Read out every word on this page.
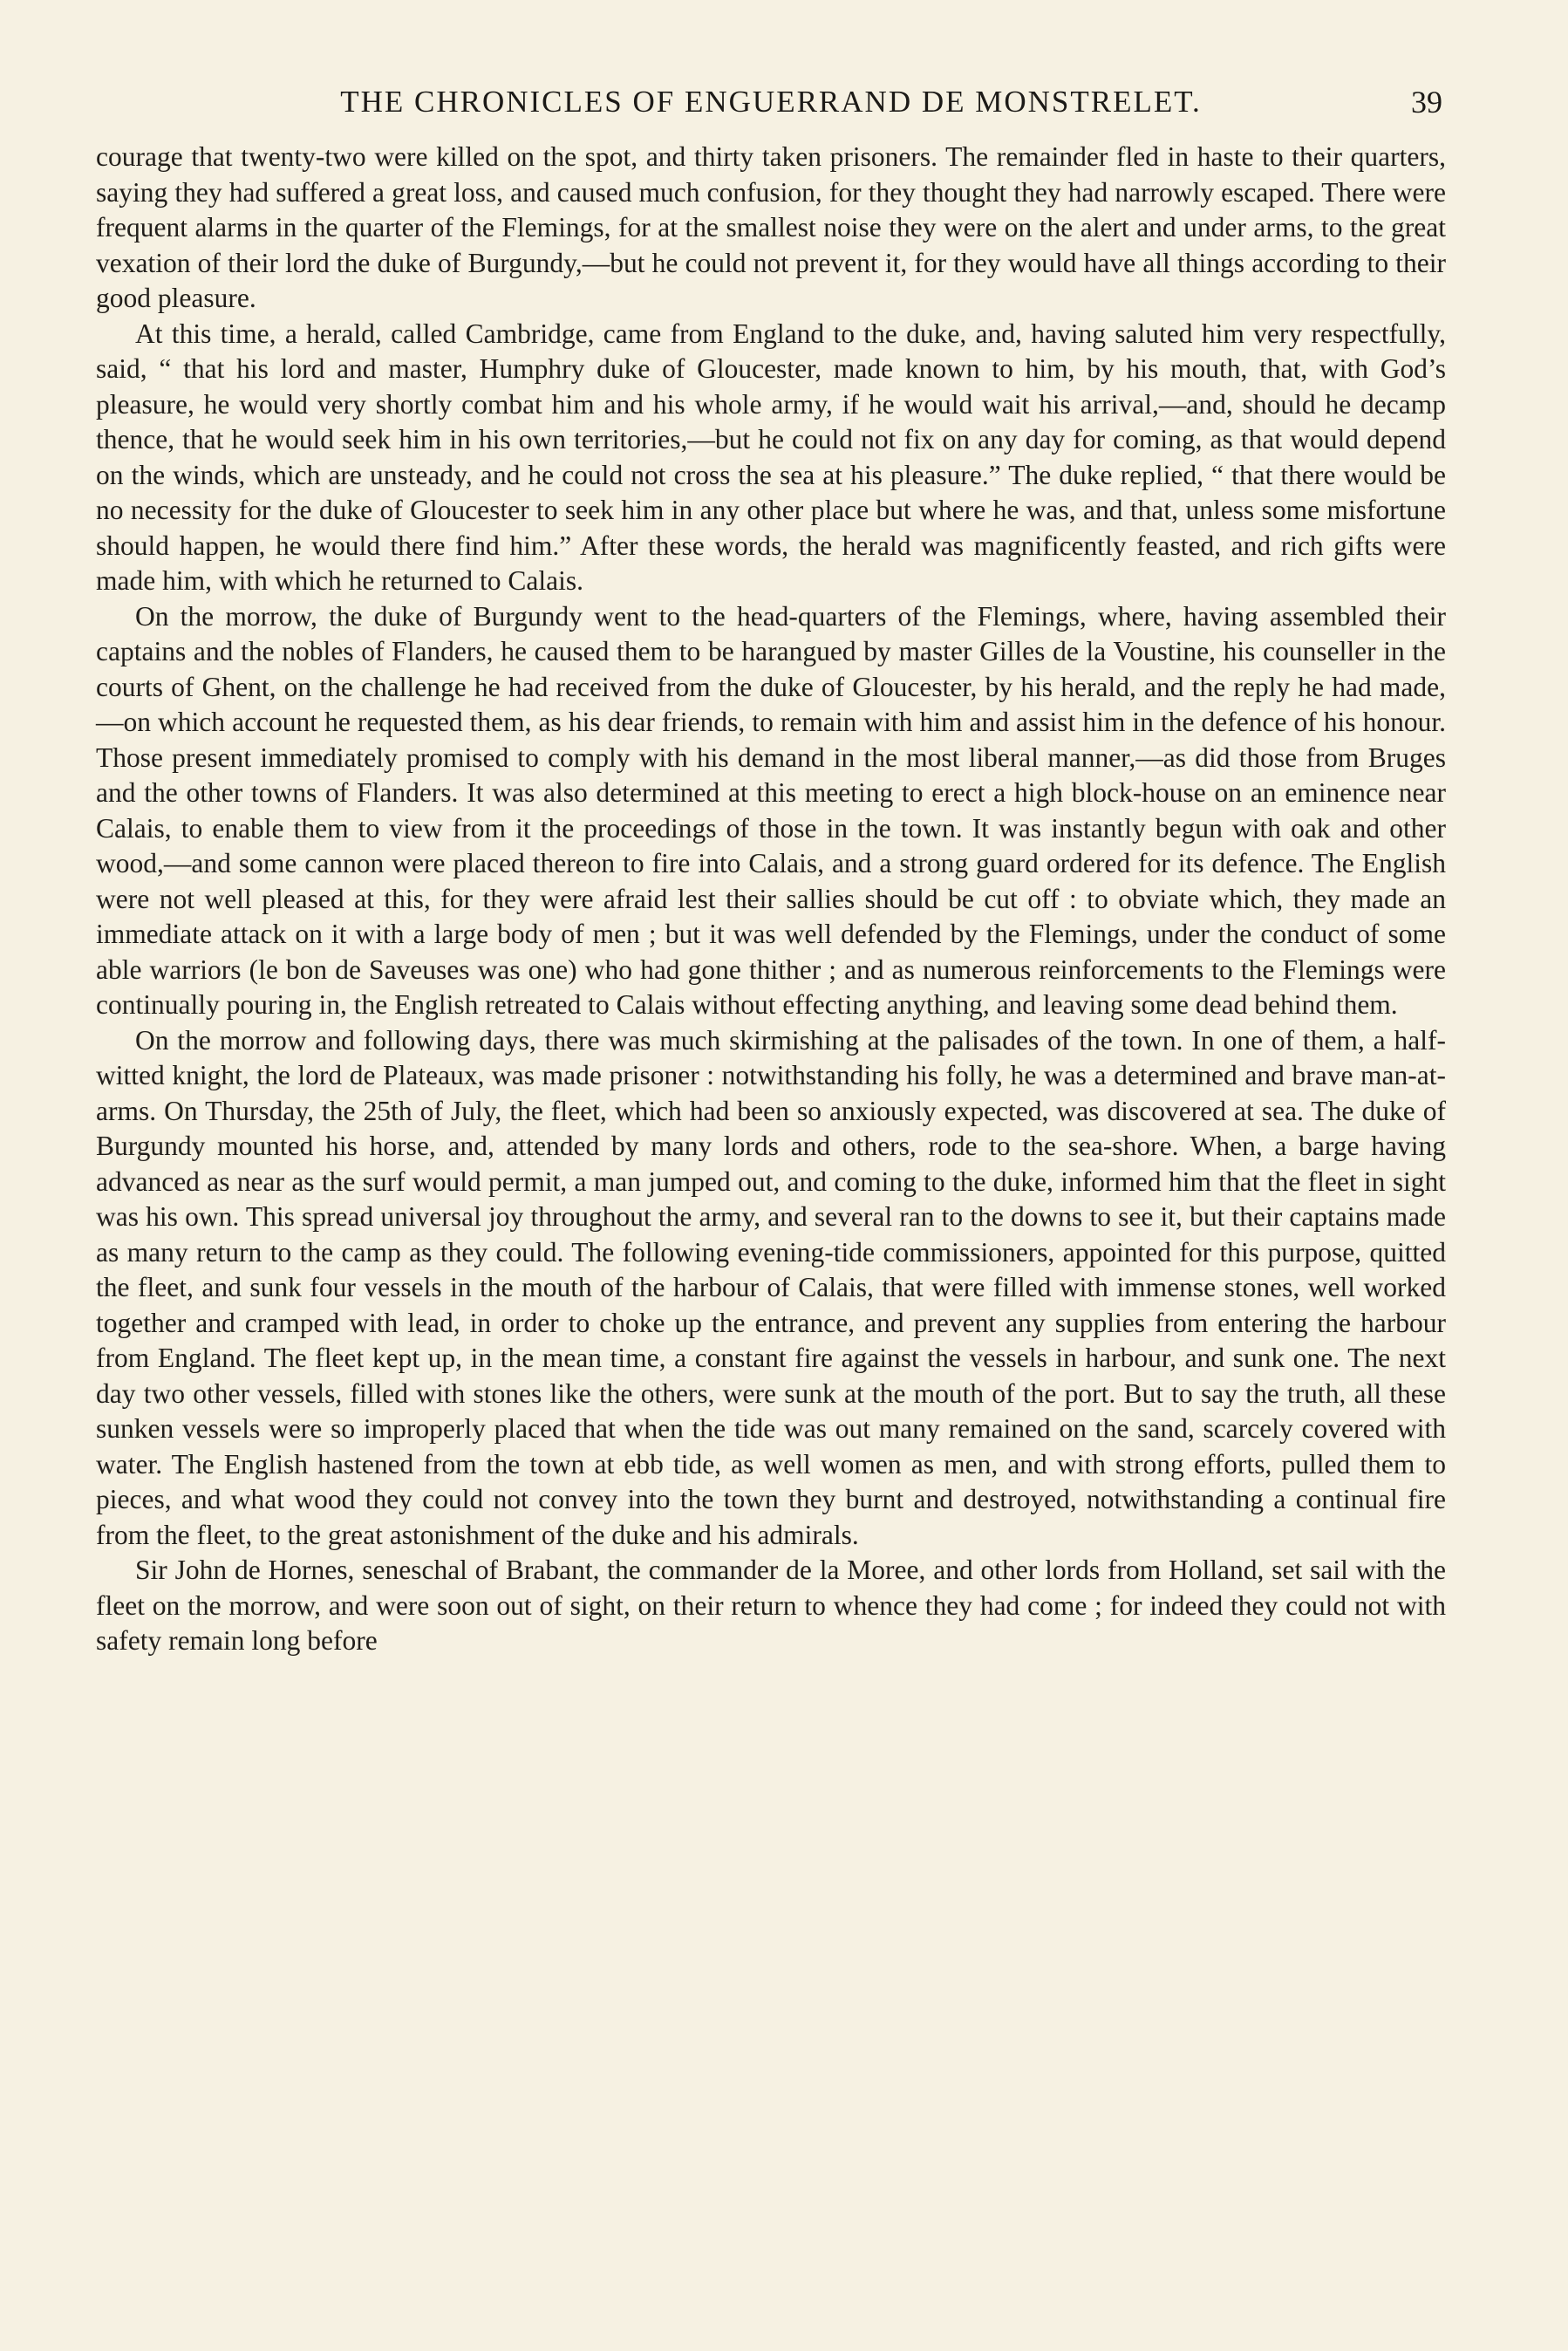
THE CHRONICLES OF ENGUERRAND DE MONSTRELET.	39

courage that twenty-two were killed on the spot, and thirty taken prisoners. The remainder fled in haste to their quarters, saying they had suffered a great loss, and caused much confusion, for they thought they had narrowly escaped. There were frequent alarms in the quarter of the Flemings, for at the smallest noise they were on the alert and under arms, to the great vexation of their lord the duke of Burgundy,—but he could not prevent it, for they would have all things according to their good pleasure.

At this time, a herald, called Cambridge, came from England to the duke, and, having saluted him very respectfully, said, “ that his lord and master, Humphry duke of Gloucester, made known to him, by his mouth, that, with God’s pleasure, he would very shortly combat him and his whole army, if he would wait his arrival,—and, should he decamp thence, that he would seek him in his own territories,—but he could not fix on any day for coming, as that would depend on the winds, which are unsteady, and he could not cross the sea at his pleasure.” The duke replied, “ that there would be no necessity for the duke of Gloucester to seek him in any other place but where he was, and that, unless some misfortune should happen, he would there find him.” After these words, the herald was magnificently feasted, and rich gifts were made him, with which he returned to Calais.

On the morrow, the duke of Burgundy went to the head-quarters of the Flemings, where, having assembled their captains and the nobles of Flanders, he caused them to be harangued by master Gilles de la Voustine, his counseller in the courts of Ghent, on the challenge he had received from the duke of Gloucester, by his herald, and the reply he had made,—on which account he requested them, as his dear friends, to remain with him and assist him in the defence of his honour. Those present immediately promised to comply with his demand in the most liberal manner,—as did those from Bruges and the other towns of Flanders. It was also determined at this meeting to erect a high block-house on an eminence near Calais, to enable them to view from it the proceedings of those in the town. It was instantly begun with oak and other wood,—and some cannon were placed thereon to fire into Calais, and a strong guard ordered for its defence. The English were not well pleased at this, for they were afraid lest their sallies should be cut off : to obviate which, they made an immediate attack on it with a large body of men ; but it was well defended by the Flemings, under the conduct of some able warriors (le bon de Saveuses was one) who had gone thither ; and as numerous reinforcements to the Flemings were continually pouring in, the English retreated to Calais without effecting anything, and leaving some dead behind them.

On the morrow and following days, there was much skirmishing at the palisades of the town. In one of them, a half-witted knight, the lord de Plateaux, was made prisoner : notwithstanding his folly, he was a determined and brave man-at-arms. On Thursday, the 25th of July, the fleet, which had been so anxiously expected, was discovered at sea. The duke of Burgundy mounted his horse, and, attended by many lords and others, rode to the sea-shore. When, a barge having advanced as near as the surf would permit, a man jumped out, and coming to the duke, informed him that the fleet in sight was his own. This spread universal joy throughout the army, and several ran to the downs to see it, but their captains made as many return to the camp as they could. The following evening-tide commissioners, appointed for this purpose, quitted the fleet, and sunk four vessels in the mouth of the harbour of Calais, that were filled with immense stones, well worked together and cramped with lead, in order to choke up the entrance, and prevent any supplies from entering the harbour from England. The fleet kept up, in the mean time, a constant fire against the vessels in harbour, and sunk one. The next day two other vessels, filled with stones like the others, were sunk at the mouth of the port. But to say the truth, all these sunken vessels were so improperly placed that when the tide was out many remained on the sand, scarcely covered with water. The English hastened from the town at ebb tide, as well women as men, and with strong efforts, pulled them to pieces, and what wood they could not convey into the town they burnt and destroyed, notwithstanding a continual fire from the fleet, to the great astonishment of the duke and his admirals.

Sir John de Hornes, seneschal of Brabant, the commander de la Moree, and other lords from Holland, set sail with the fleet on the morrow, and were soon out of sight, on their return to whence they had come ; for indeed they could not with safety remain long before
